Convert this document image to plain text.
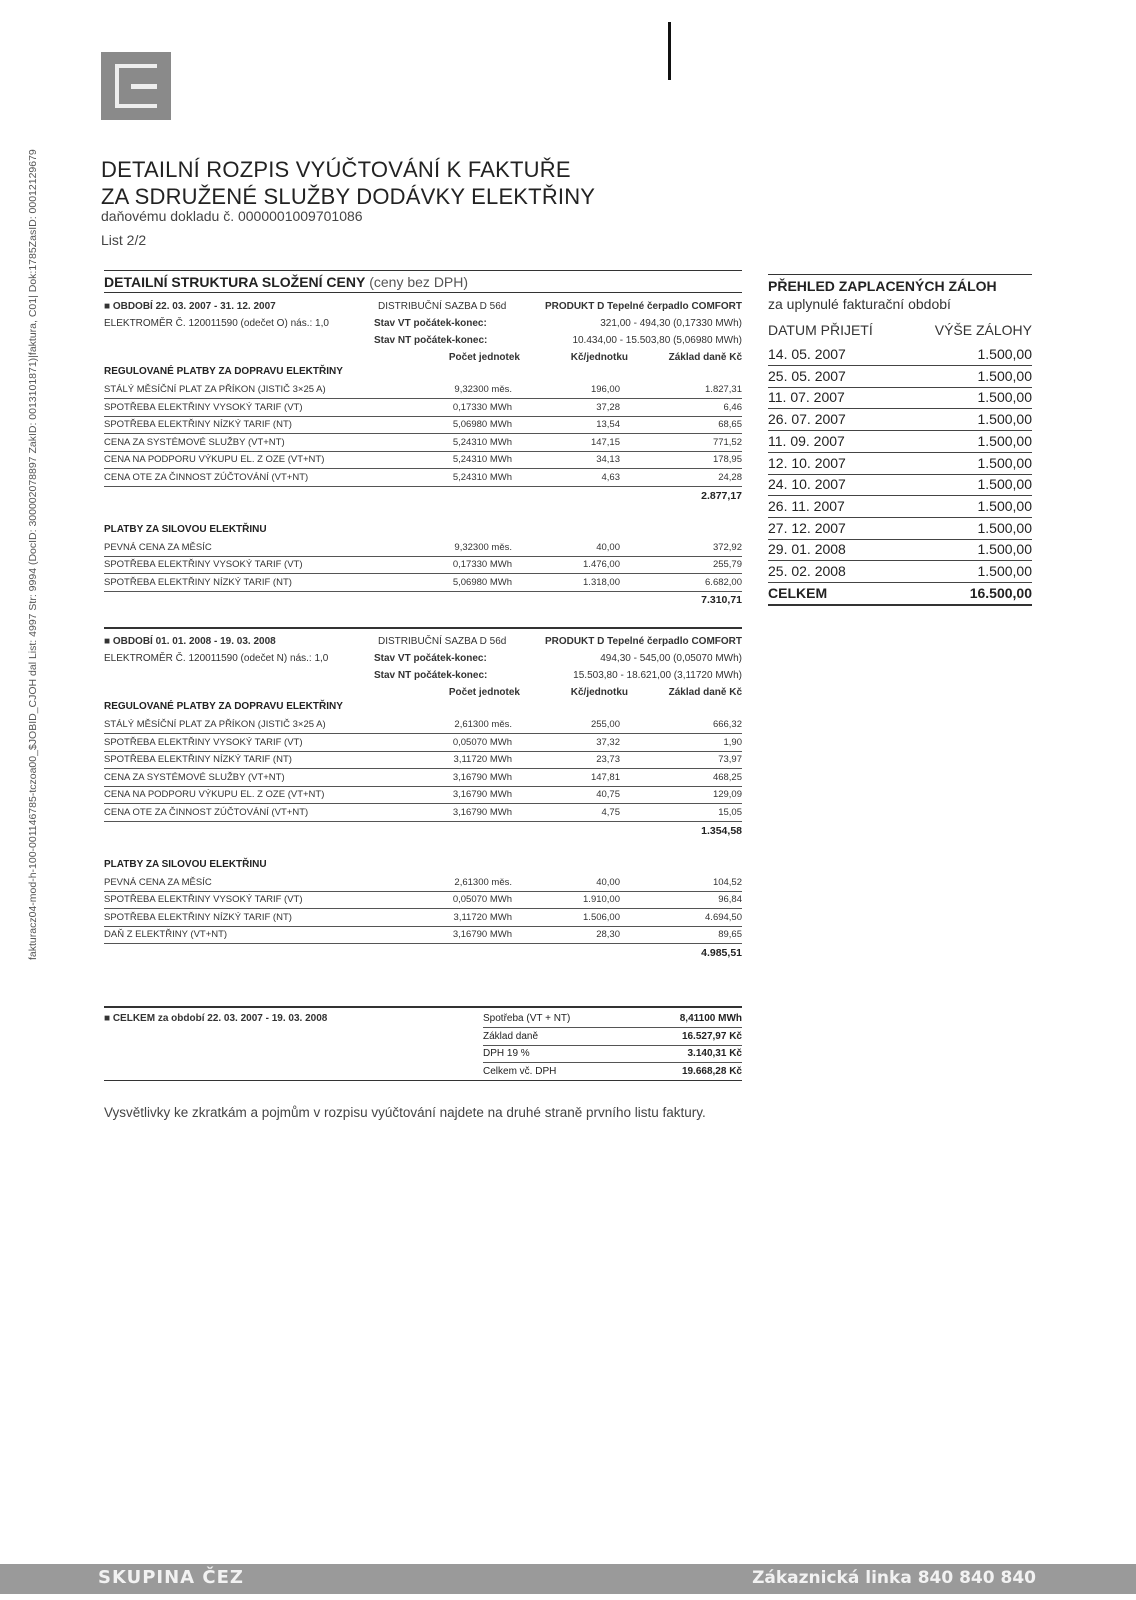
fakturacz04-mod-h-100-001146785-tczoa00_$JOBID_CJOH dal List: 4997 Str: 9994 (DocID: 300002078897 ZakID: 0013101871)|faktura, C01| Dok:1785ZasID: 00012129679	DETAILNÍ ROZPIS VYÚČTOVÁNÍ K FAKTUŘE
ZA SDRUŽENÉ SLUŽBY DODÁVKY ELEKTŘINY
daňovému dokladu č. 0000001009701086
List 2/2
DETAILNÍ STRUKTURA SLOŽENÍ CENY (ceny bez DPH)
■ OBDOBÍ 22. 03. 2007 - 31. 12. 2007	DISTRIBUČNÍ SAZBA D 56d	PRODUKT D Tepelné čerpadlo COMFORT
ELEKTROMĚR Č. 120011590 (odečet O) nás.: 1,0	Stav VT počátek-konec:	321,00 - 494,30 (0,17330 MWh)
Stav NT počátek-konec:	10.434,00 - 15.503,80 (5,06980 MWh)
Počet jednotek	Kč/jednotku	Základ daně Kč
REGULOVANÉ PLATBY ZA DOPRAVU ELEKTŘINY
STÁLÝ MĚSÍČNÍ PLAT ZA PŘÍKON (JISTIČ 3×25 A)	9,32300 měs.	196,00	1.827,31
SPOTŘEBA ELEKTŘINY VYSOKÝ TARIF (VT)	0,17330 MWh	37,28	6,46
SPOTŘEBA ELEKTŘINY NÍZKÝ TARIF (NT)	5,06980 MWh	13,54	68,65
CENA ZA SYSTÉMOVÉ SLUŽBY (VT+NT)	5,24310 MWh	147,15	771,52
CENA NA PODPORU VÝKUPU EL. Z OZE (VT+NT)	5,24310 MWh	34,13	178,95
CENA OTE ZA ČINNOST ZÚČTOVÁNÍ (VT+NT)	5,24310 MWh	4,63	24,28
2.877,17
PLATBY ZA SILOVOU ELEKTŘINU
PEVNÁ CENA ZA MĚSÍC	9,32300 měs.	40,00	372,92
SPOTŘEBA ELEKTŘINY VYSOKÝ TARIF (VT)	0,17330 MWh	1.476,00	255,79
SPOTŘEBA ELEKTŘINY NÍZKÝ TARIF (NT)	5,06980 MWh	1.318,00	6.682,00
7.310,71
■ OBDOBÍ 01. 01. 2008 - 19. 03. 2008	DISTRIBUČNÍ SAZBA D 56d	PRODUKT D Tepelné čerpadlo COMFORT
ELEKTROMĚR Č. 120011590 (odečet N) nás.: 1,0	Stav VT počátek-konec:	494,30 - 545,00 (0,05070 MWh)
Stav NT počátek-konec:	15.503,80 - 18.621,00 (3,11720 MWh)
Počet jednotek	Kč/jednotku	Základ daně Kč
REGULOVANÉ PLATBY ZA DOPRAVU ELEKTŘINY
STÁLÝ MĚSÍČNÍ PLAT ZA PŘÍKON (JISTIČ 3×25 A)	2,61300 měs.	255,00	666,32
SPOTŘEBA ELEKTŘINY VYSOKÝ TARIF (VT)	0,05070 MWh	37,32	1,90
SPOTŘEBA ELEKTŘINY NÍZKÝ TARIF (NT)	3,11720 MWh	23,73	73,97
CENA ZA SYSTÉMOVÉ SLUŽBY (VT+NT)	3,16790 MWh	147,81	468,25
CENA NA PODPORU VÝKUPU EL. Z OZE (VT+NT)	3,16790 MWh	40,75	129,09
CENA OTE ZA ČINNOST ZÚČTOVÁNÍ (VT+NT)	3,16790 MWh	4,75	15,05
1.354,58
PLATBY ZA SILOVOU ELEKTŘINU
PEVNÁ CENA ZA MĚSÍC	2,61300 měs.	40,00	104,52
SPOTŘEBA ELEKTŘINY VYSOKÝ TARIF (VT)	0,05070 MWh	1.910,00	96,84
SPOTŘEBA ELEKTŘINY NÍZKÝ TARIF (NT)	3,11720 MWh	1.506,00	4.694,50
DAŇ Z ELEKTŘINY (VT+NT)	3,16790 MWh	28,30	89,65
4.985,51
■ CELKEM za období 22. 03. 2007 - 19. 03. 2008	Spotřeba (VT + NT)	8,41100 MWh
Základ daně	16.527,97 Kč
DPH 19 %	3.140,31 Kč
Celkem vč. DPH	19.668,28 Kč
Vysvětlivky ke zkratkám a pojmům v rozpisu vyúčtování najdete na druhé straně prvního listu faktury.
PŘEHLED ZAPLACENÝCH ZÁLOH
za uplynulé fakturační období
DATUM PŘIJETÍ	VÝŠE ZÁLOHY
14. 05. 2007	1.500,00
25. 05. 2007	1.500,00
11. 07. 2007	1.500,00
26. 07. 2007	1.500,00
11. 09. 2007	1.500,00
12. 10. 2007	1.500,00
24. 10. 2007	1.500,00
26. 11. 2007	1.500,00
27. 12. 2007	1.500,00
29. 01. 2008	1.500,00
25. 02. 2008	1.500,00
CELKEM	16.500,00
SKUPINA ČEZ	Zákaznická linka 840 840 840
